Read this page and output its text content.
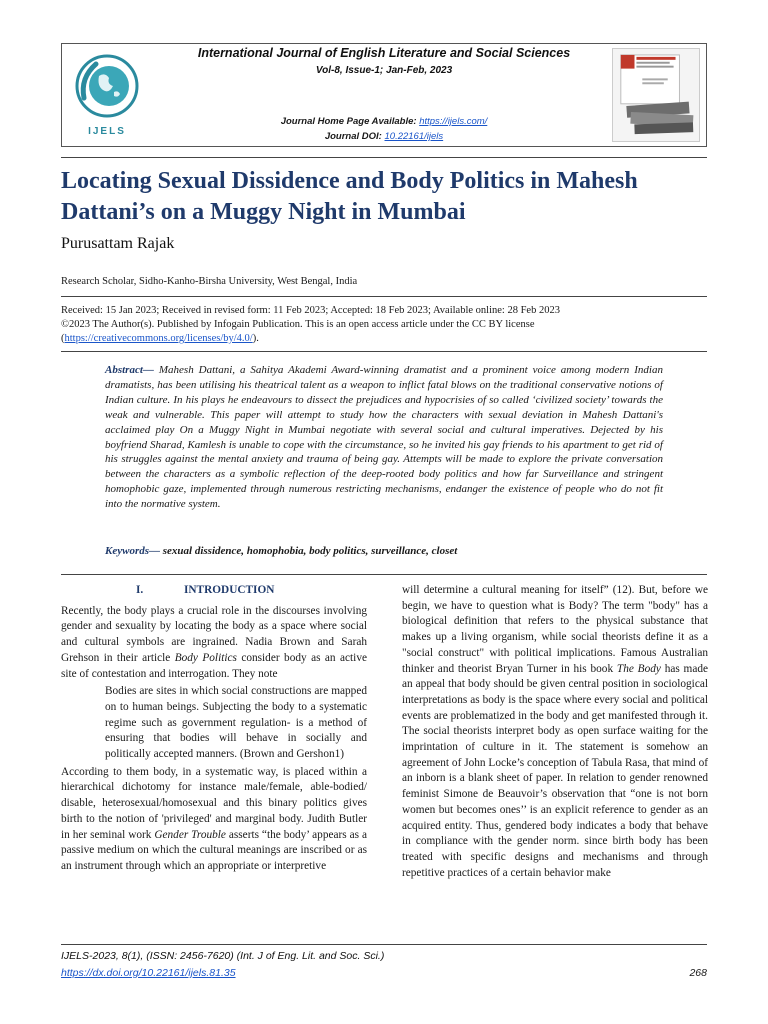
IJELS
International Journal of English Literature and Social Sciences
Vol-8, Issue-1; Jan-Feb, 2023
Journal Home Page Available: https://ijels.com/
Journal DOI: 10.22161/ijels
Locating Sexual Dissidence and Body Politics in Mahesh Dattani’s on a Muggy Night in Mumbai
Purusattam Rajak
Research Scholar, Sidho-Kanho-Birsha University, West Bengal, India
Received: 15 Jan 2023; Received in revised form: 11 Feb 2023; Accepted: 18 Feb 2023; Available online: 28 Feb 2023
©2023 The Author(s). Published by Infogain Publication. This is an open access article under the CC BY license
(https://creativecommons.org/licenses/by/4.0/).
Abstract— Mahesh Dattani, a Sahitya Akademi Award-winning dramatist and a prominent voice among modern Indian dramatists, has been utilising his theatrical talent as a weapon to inflict fatal blows on the traditional conservative notions of Indian culture. In his plays he endeavours to dissect the prejudices and hypocrisies of so called ‘civilized society’ towards the weak and vulnerable. This paper will attempt to study how the characters with sexual deviation in Mahesh Dattani's acclaimed play On a Muggy Night in Mumbai negotiate with several social and cultural imperatives. Dejected by his boyfriend Sharad, Kamlesh is unable to cope with the circumstance, so he invited his gay friends to his apartment to get rid of his struggles against the mental anxiety and trauma of being gay. Attempts will be made to explore the private conversation between the characters as a symbolic reflection of the deep-rooted body politics and how far Surveillance and stringent homophobic gaze, implemented through numerous restricting mechanisms, endanger the existence of people who do not fit into the normative system.
Keywords— sexual dissidence, homophobia, body politics, surveillance, closet
I.	INTRODUCTION

Recently, the body plays a crucial role in the discourses involving gender and sexuality by locating the body as a space where social and cultural symbols are ingrained. Nadia Brown and Sarah Grehson in their article Body Politics consider body as an active site of contestation and interrogation. They note

Bodies are sites in which social constructions are mapped on to human beings. Subjecting the body to a systematic regime such as government regulation- is a method of ensuring that bodies will behave in socially and politically accepted manners. (Brown and Gershon1)

According to them body, in a systematic way, is placed within a hierarchical dichotomy for instance male/female, able-bodied/ disable, heterosexual/homosexual and this binary politics gives birth to the notion of 'privileged' and marginal body. Judith Butler in her seminal work Gender Trouble asserts “the body’ appears as a passive medium on which the cultural meanings are inscribed or as an instrument through which an appropriate or interpretive

will determine a cultural meaning for itself” (12). But, before we begin, we have to question what is Body? The term "body" has a biological definition that refers to the physical substance that makes up a living organism, while social theorists define it as a "social construct" with political implications. Famous Australian thinker and theorist Bryan Turner in his book The Body has made an appeal that body should be given central position in sociological interpretations as body is the space where every social and political events are problematized in the body and get manifested through it. The social theorists interpret body as open surface waiting for the imprintation of culture in it. The statement is somehow an agreement of John Locke’s conception of Tabula Rasa, that mind of an inborn is a blank sheet of paper. In relation to gender renowned feminist Simone de Beauvoir’s observation that “one is not born women but becomes ones’’ is an explicit reference to gender as an acquired entity. Thus, gendered body indicates a body that behave in compliance with the gender norm. since birth body has been treated with specific designs and mechanisms and through repetitive practices of a certain behavior make

IJELS-2023, 8(1), (ISSN: 2456-7620) (Int. J of Eng. Lit. and Soc. Sci.)
https://dx.doi.org/10.22161/ijels.81.35	268
